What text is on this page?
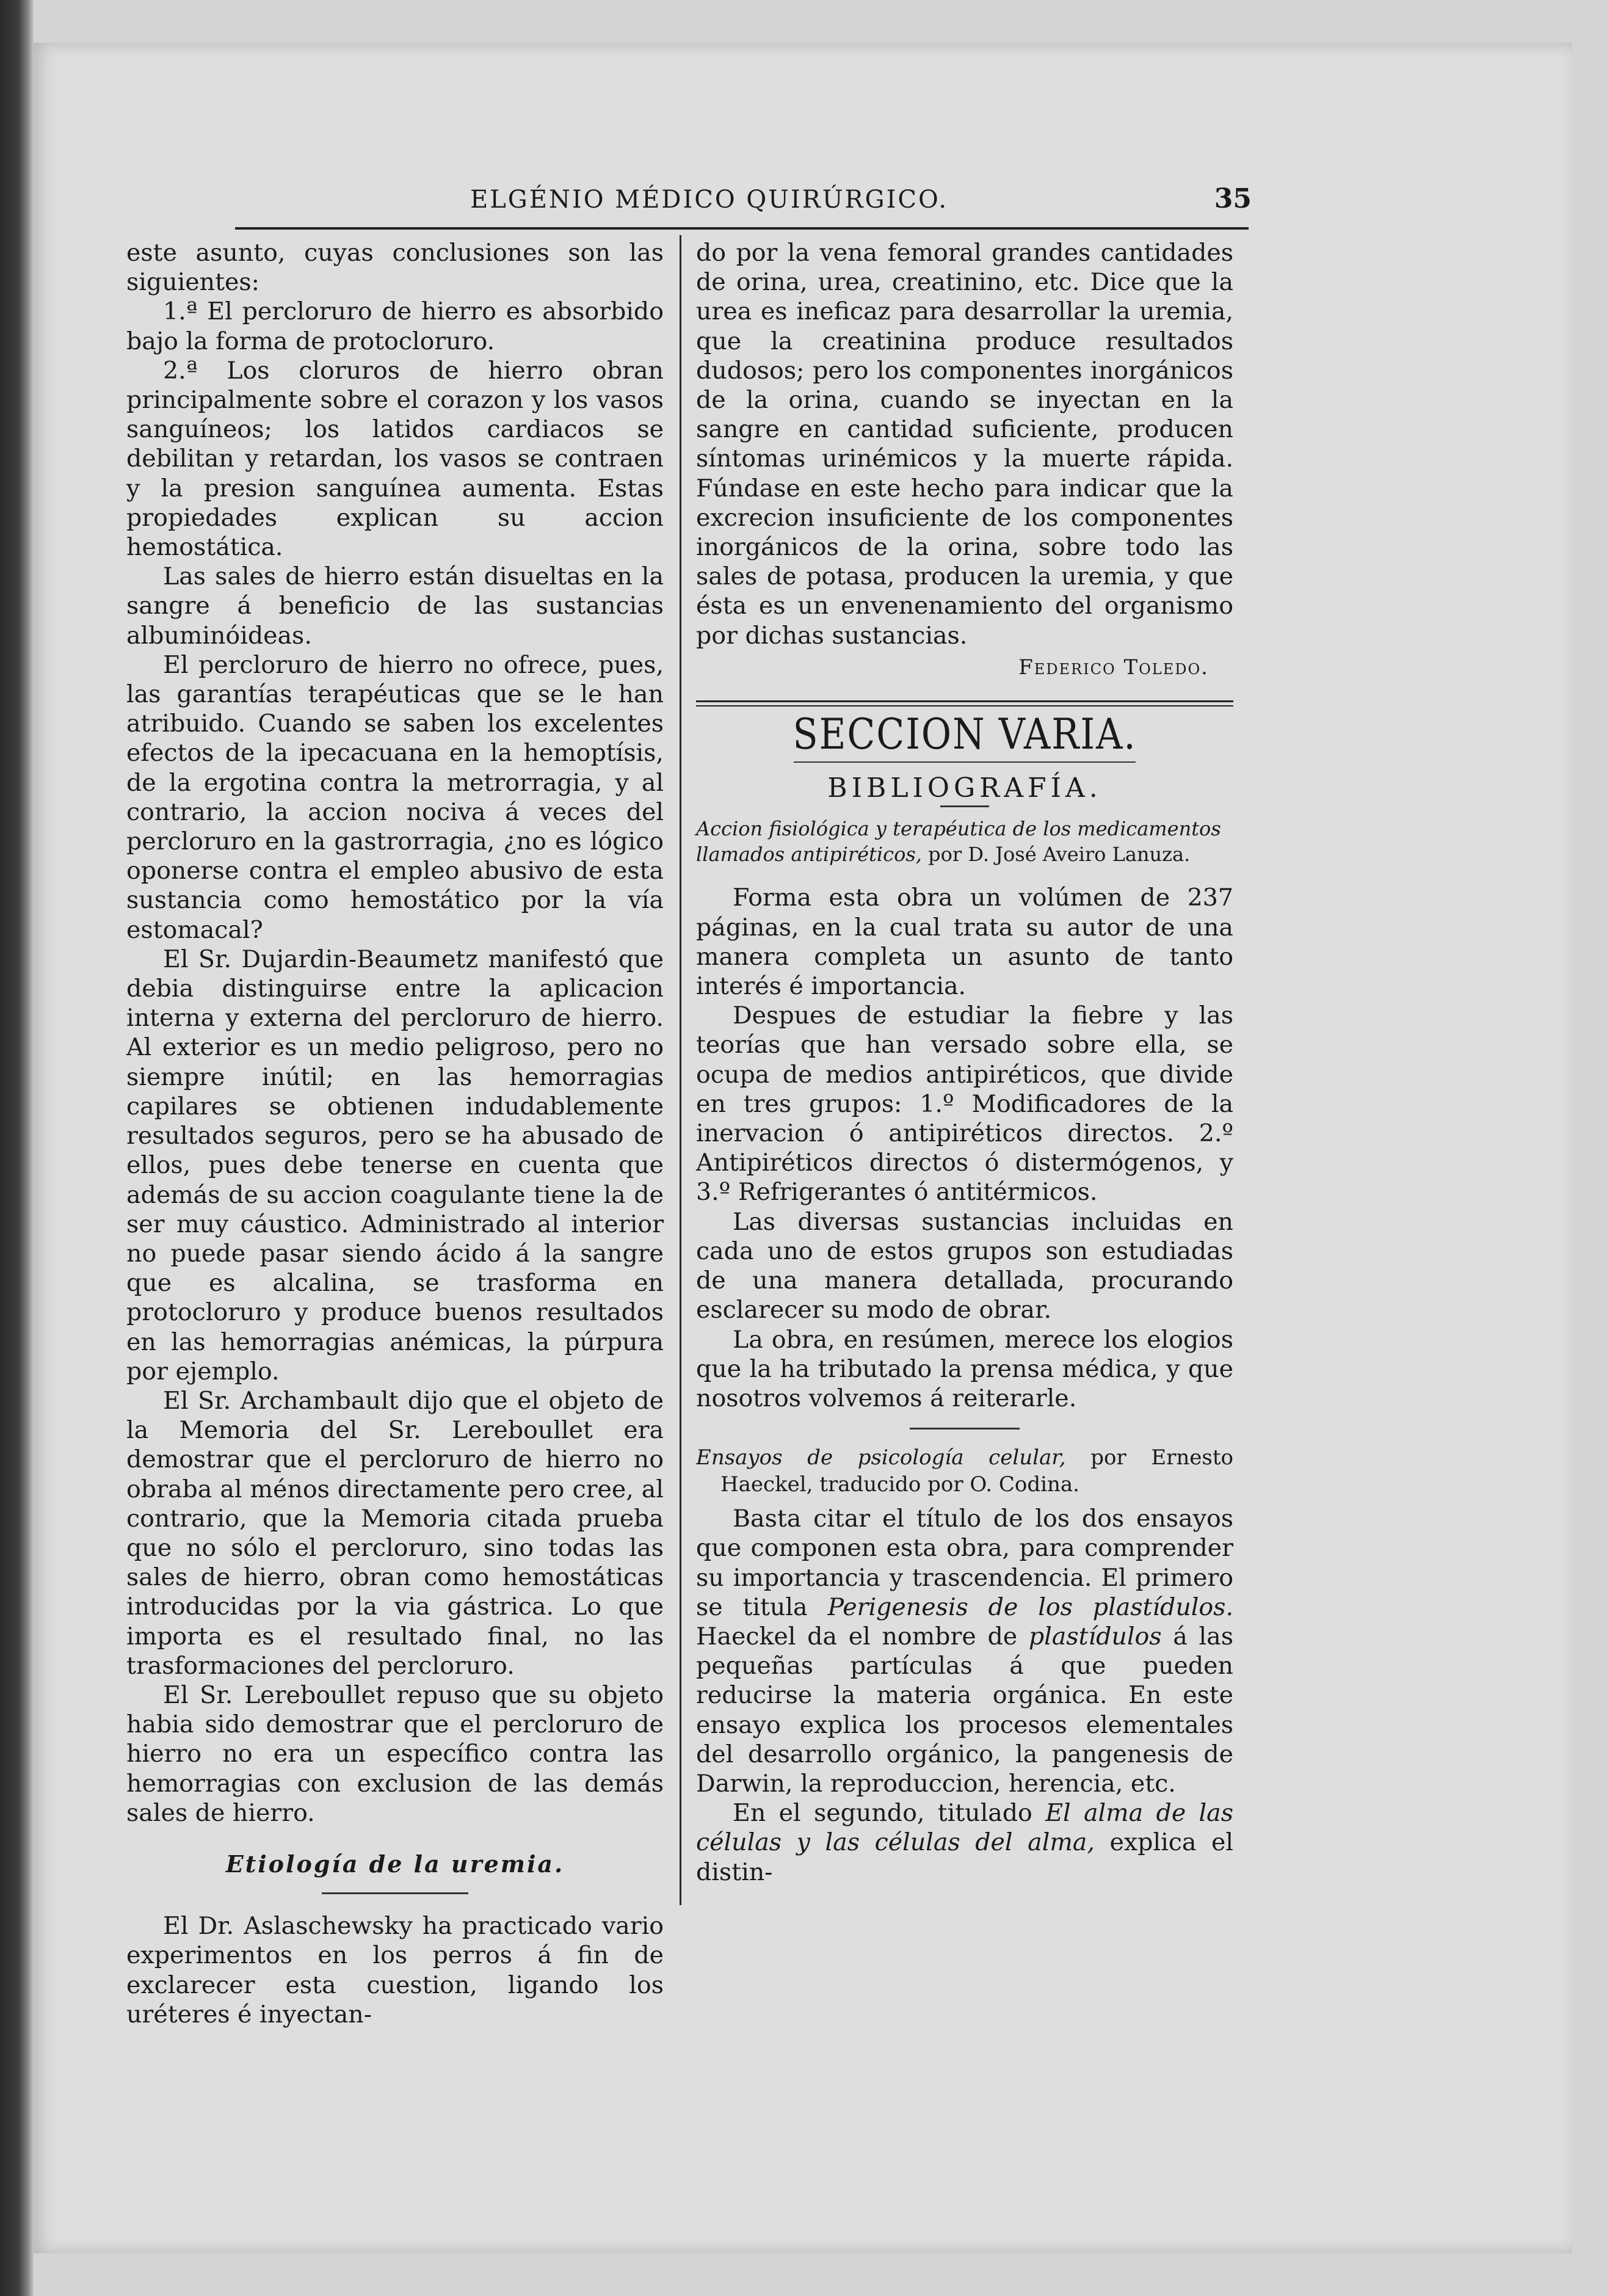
ELGÉNIO MÉDICO QUIRÚRGICO.	35

este asunto, cuyas conclusiones son las siguientes:

1.ª El percloruro de hierro es absorbido bajo la forma de protocloruro.

2.ª Los cloruros de hierro obran principalmente sobre el corazon y los vasos sanguíneos; los latidos cardiacos se debilitan y retardan, los vasos se contraen y la presion sanguínea aumenta. Estas propiedades explican su accion hemostática.

Las sales de hierro están disueltas en la sangre á beneficio de las sustancias albuminóideas.

El percloruro de hierro no ofrece, pues, las garantías terapéuticas que se le han atribuido. Cuando se saben los excelentes efectos de la ipecacuana en la hemoptísis, de la ergotina contra la metrorragia, y al contrario, la accion nociva á veces del percloruro en la gastrorragia, ¿no es lógico oponerse contra el empleo abusivo de esta sustancia como hemostático por la vía estomacal?

El Sr. Dujardin-Beaumetz manifestó que debia distinguirse entre la aplicacion interna y externa del percloruro de hierro. Al exterior es un medio peligroso, pero no siempre inútil; en las hemorragias capilares se obtienen indudablemente resultados seguros, pero se ha abusado de ellos, pues debe tenerse en cuenta que además de su accion coagulante tiene la de ser muy cáustico. Administrado al interior no puede pasar siendo ácido á la sangre que es alcalina, se trasforma en protocloruro y produce buenos resultados en las hemorragias anémicas, la púrpura por ejemplo.

El Sr. Archambault dijo que el objeto de la Memoria del Sr. Lereboullet era demostrar que el percloruro de hierro no obraba al ménos directamente pero cree, al contrario, que la Memoria citada prueba que no sólo el percloruro, sino todas las sales de hierro, obran como hemostáticas introducidas por la via gástrica. Lo que importa es el resultado final, no las trasformaciones del percloruro.

El Sr. Lereboullet repuso que su objeto habia sido demostrar que el percloruro de hierro no era un específico contra las hemorragias con exclusion de las demás sales de hierro.

Etiología de la uremia.

El Dr. Aslaschewsky ha practicado vario experimentos en los perros á fin de exclarecer esta cuestion, ligando los uréteres é inyectan-

do por la vena femoral grandes cantidades de orina, urea, creatinino, etc. Dice que la urea es ineficaz para desarrollar la uremia, que la creatinina produce resultados dudosos; pero los componentes inorgánicos de la orina, cuando se inyectan en la sangre en cantidad suficiente, producen síntomas urinémicos y la muerte rápida. Fúndase en este hecho para indicar que la excrecion insuficiente de los componentes inorgánicos de la orina, sobre todo las sales de potasa, producen la uremia, y que ésta es un envenenamiento del organismo por dichas sustancias.

Federico Toledo.
SECCION VARIA.
BIBLIOGRAFÍA.
Accion fisiológica y terapéutica de los medicamentos llamados antipiréticos, por D. José Aveiro Lanuza.

Forma esta obra un volúmen de 237 páginas, en la cual trata su autor de una manera completa un asunto de tanto interés é importancia.

Despues de estudiar la fiebre y las teorías que han versado sobre ella, se ocupa de medios antipiréticos, que divide en tres grupos: 1.º Modificadores de la inervacion ó antipiréticos directos. 2.º Antipiréticos directos ó distermógenos, y 3.º Refrigerantes ó antitérmicos.

Las diversas sustancias incluidas en cada uno de estos grupos son estudiadas de una manera detallada, procurando esclarecer su modo de obrar.

La obra, en resúmen, merece los elogios que la ha tributado la prensa médica, y que nosotros volvemos á reiterarle.

Ensayos de psicología celular, por Ernesto Haeckel, traducido por O. Codina.

Basta citar el título de los dos ensayos que componen esta obra, para comprender su importancia y trascendencia. El primero se titula Perigenesis de los plastídulos. Haeckel da el nombre de plastídulos á las pequeñas partículas á que pueden reducirse la materia orgánica. En este ensayo explica los procesos elementales del desarrollo orgánico, la pangenesis de Darwin, la reproduccion, herencia, etc.

En el segundo, titulado El alma de las células y las células del alma, explica el distin-
